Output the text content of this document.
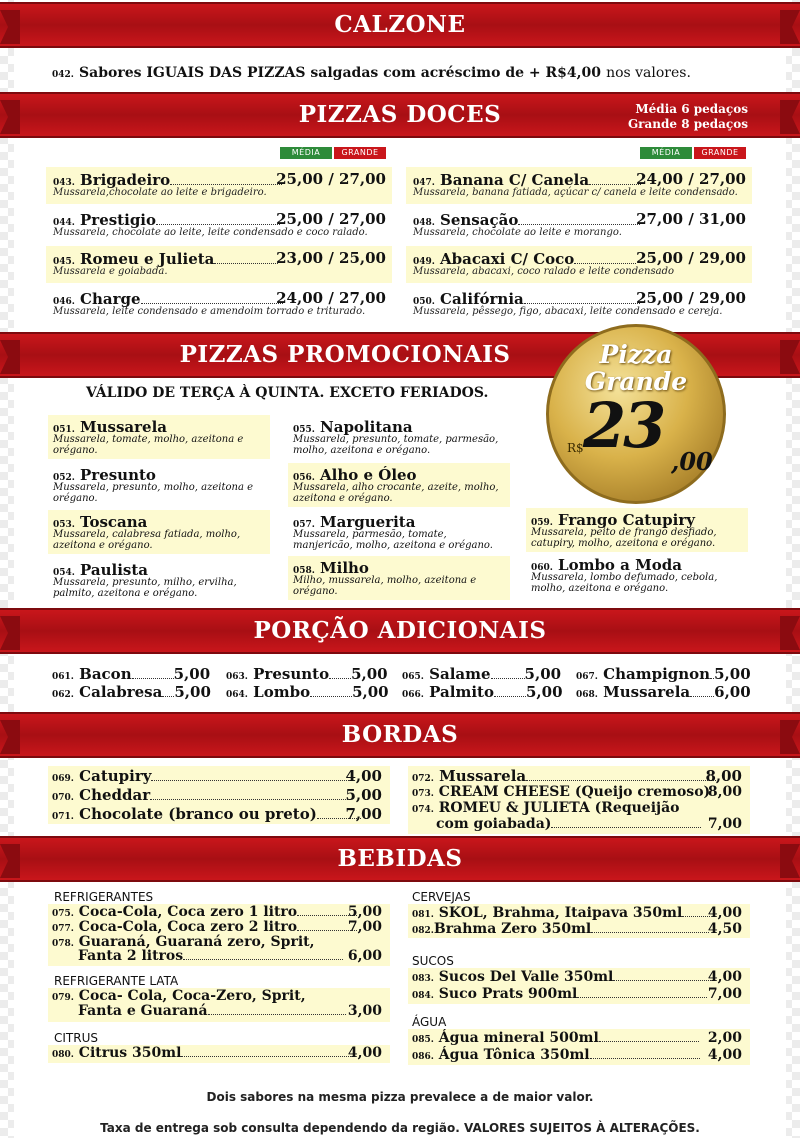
CALZONE
042. Sabores IGUAIS DAS PIZZAS salgadas com acréscimo de + R$4,00 nos valores.
PIZZAS DOCES	Média 6 pedaços
Grande 8 pedaços
MÉDIA	GRANDE	MÉDIA	GRANDE
043. Brigadeiro	25,00 / 27,00
Mussarela,chocolate ao leite e brigadeiro.
044. Prestigio	25,00 / 27,00
Mussarela, chocolate ao leite, leite condensado e coco ralado.
045. Romeu e Julieta	23,00 / 25,00
Mussarela e goiabada.
046. Charge	24,00 / 27,00
Mussarela, leite condensado e amendoim torrado e triturado.
047. Banana C/ Canela	24,00 / 27,00
Mussarela, banana fatiada, açúcar c/ canela e leite condensado.
048. Sensação	27,00 / 31,00
Mussarela, chocolate ao leite e morango.
049. Abacaxi C/ Coco	25,00 / 29,00
Mussarela, abacaxi, coco ralado e leite condensado
050. Califórnia	25,00 / 29,00
Mussarela, pêssego, figo, abacaxi, leite condensado e cereja.
PIZZAS PROMOCIONAIS
VÁLIDO DE TERÇA À QUINTA. EXCETO FERIADOS.
Pizza
Grande
R$ 23 ,00
051. Mussarela
Mussarela, tomate, molho, azeitona e orégano.
052. Presunto
Mussarela, presunto, molho, azeitona e orégano.
053. Toscana
Mussarela, calabresa fatiada, molho, azeitona e orégano.
054. Paulista
Mussarela, presunto, milho, ervilha, palmito, azeitona e orégano.
055. Napolitana
Mussarela, presunto, tomate, parmesão, molho, azeitona e orégano.
056. Alho e Óleo
Mussarela, alho crocante, azeite, molho, azeitona e orégano.
057. Marguerita
Mussarela, parmesão, tomate, manjericão, molho, azeitona e orégano.
058. Milho
Milho, mussarela, molho, azeitona e orégano.
059. Frango Catupiry
Mussarela, peito de frango desfiado, catupiry, molho, azeitona e orégano.
060. Lombo a Moda
Mussarela, lombo defumado, cebola, molho, azeitona e orégano.
PORÇÃO ADICIONAIS
061. Bacon	5,00
062. Calabresa 5,00
063. Presunto 5,00
064. Lombo	5,00
065. Salame 5,00
066. Palmito 5,00
067. Champignon 5,00
068. Mussarela 6,00
BORDAS
069. Catupiry	4,00
070. Cheddar	5,00
071. Chocolate (branco ou preto) 7,00
072. Mussarela	8,00
073. CREAM CHEESE (Queijo cremoso)
8,00
074. ROMEU & JULIETA (Requeijão
com goiabada)	7,00
BEBIDAS
REFRIGERANTES
075. Coca-Cola, Coca zero 1 litro	5,00
077. Coca-Cola, Coca zero 2 litro	7,00
078. Guaraná, Guaraná zero, Sprit,
Fanta 2 litros	6,00
REFRIGERANTE LATA
079. Coca- Cola, Coca-Zero, Sprit,
Fanta e Guaraná	3,00
CITRUS
080. Citrus 350ml	4,00
CERVEJAS
081. SKOL, Brahma, Itaipava 350ml 4,00
082.Brahma Zero 350ml	4,50
SUCOS
083. Sucos Del Valle 350ml	4,00
084. Suco Prats 900ml	7,00
ÁGUA
085. Água mineral 500ml	2,00
086. Água Tônica 350ml	4,00
Dois sabores na mesma pizza prevalece a de maior valor.
Taxa de entrega sob consulta dependendo da região. VALORES SUJEITOS À ALTERAÇÕES.
